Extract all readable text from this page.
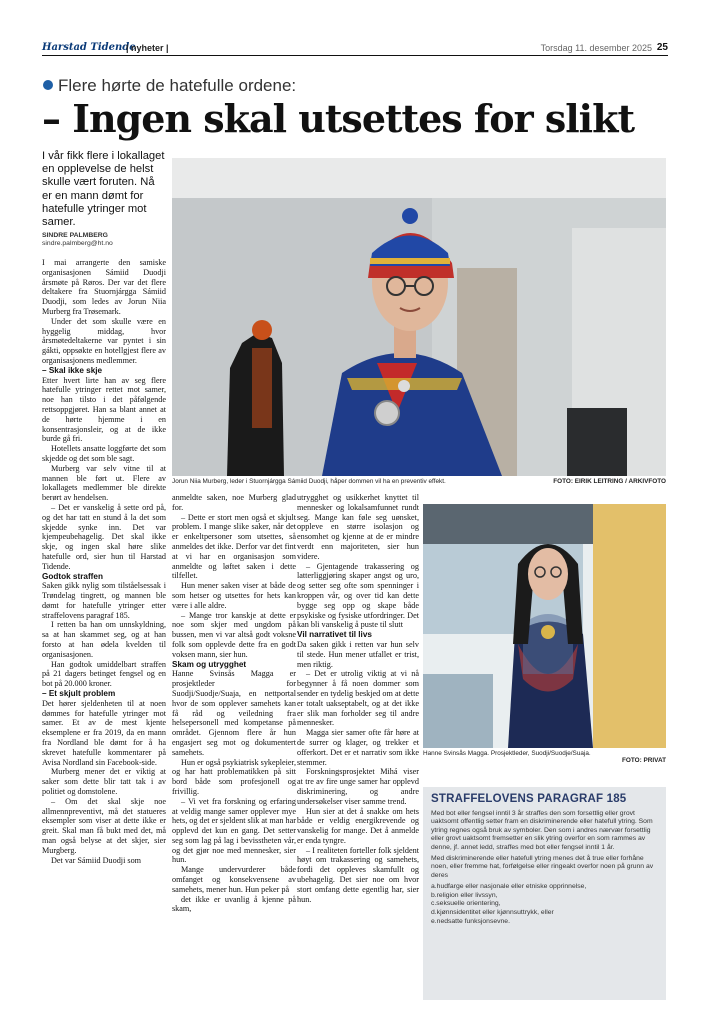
Harstad Tidende
| nyheter |	Torsdag 11. desember 2025 25
Flere hørte de hatefulle ordene:
– Ingen skal utsettes for slikt
I vår fikk flere i lokallaget en opplevelse de helst skulle vært foruten. Nå er en mann dømt for hatefulle ytringer mot samer.
SINDRE PALMBERG
sindre.palmberg@ht.no
Jorun Niia Murberg, leder i Stuornjárgga Sámiid Duodji, håper dommen vil ha en preventiv effekt.	FOTO: EIRIK LEITRING / ARKIVFOTO
Hanne Svinsås Magga. Prosjektleder, Suodji/Suodje/Suaja.
FOTO: PRIVAT

I mai arrangerte den samiske organisasjonen Sámiid Duodji årsmøte på Røros. Der var det flere deltakere fra Stuornjárgga Sámiid Duodji, som ledes av Jorun Niia Murberg fra Trøsemark.

Under det som skulle være en hyggelig middag, hvor årsmøtedeltakerne var pyntet i sin gákti, oppsøkte en hotellgjest flere av organisasjonens medlemmer.

– Skal ikke skje

Etter hvert lirte han av seg flere hatefulle ytringer rettet mot samer, noe han tilsto i det påfølgende rettsoppgjøret. Han sa blant annet at de hørte hjemme i en konsentrasjonsleir, og at de ikke burde gå fri.

Hotellets ansatte loggførte det som skjedde og det som ble sagt.

Murberg var selv vitne til at mannen ble ført ut. Flere av lokallagets medlemmer ble direkte berørt av hendelsen.

– Det er vanskelig å sette ord på, og det har tatt en stund å la det som skjedde synke inn. Det var kjempeubehagelig. Det skal ikke skje, og ingen skal høre slike hatefulle ord, sier hun til Harstad Tidende.

Godtok straffen

Saken gikk nylig som tilståelsessak i Trøndelag tingrett, og mannen ble dømt for hatefulle ytringer etter straffelovens paragraf 185.

I retten ba han om unnskyldning, sa at han skammet seg, og at han forsto at han ødela kvelden til organisasjonen.

Han godtok umiddelbart straffen på 21 dagers betinget fengsel og en bot på 20.000 kroner.

– Et skjult problem

Det hører sjeldenheten til at noen dømmes for hatefulle ytringer mot samer. Et av de mest kjente eksemplene er fra 2019, da en mann fra Nordland ble dømt for å ha skrevet hatefulle kommentarer på Avisa Nordland sin Facebook-side.

Murberg mener det er viktig at saker som dette blir tatt tak i av politiet og domstolene.

– Om det skal skje noe allmennpreventivt, må det statueres eksempler som viser at dette ikke er greit. Skal man få bukt med det, må man også belyse at det skjer, sier Murgberg.

Det var Sámiid Duodji som

anmeldte saken, noe Murberg glad for.

– Dette er stort men også et skjult problem. I mange slike saker, når det er enkeltpersoner som utsettes, så anmeldes det ikke. Derfor var det fint at vi har en organisasjon som anmeldte og løftet saken i dette tilfellet.

Hun mener saken viser at både de som hetser og utsettes for hets kan være i alle aldre.

– Mange tror kanskje at dette er noe som skjer med ungdom på bussen, men vi var altså godt voksne folk som opplevde dette fra en godt voksen mann, sier hun.

Skam og utrygghet

Hanne Svinsås Magga er prosjektleder for Suodji/Suodje/Suaja, en nettportal hvor de som opplever samehets kan få råd og veiledning fra helsepersonell med kompetanse på området. Gjennom flere år hun engasjert seg mot og dokumentert samehets.

Hun er også psykiatrisk sykepleier, og har hatt problematikken på sitt bord både som profesjonell og frivillig.

– Vi vet fra forskning og erfaring at veldig mange samer opplever mye hets, og det er sjeldent slik at man har opplevd det kun en gang. Det setter seg som lag på lag i bevisstheten vår, og det gjør noe med mennesker, sier hun.

Mange undervurderer både omfanget og konsekvensene av samehets, mener hun. Hun peker på

det ikke er uvanlig å kjenne på skam,

utrygghet og usikkerhet knyttet til mennesker og lokalsamfunnet rundt seg. Mange kan føle seg uønsket, oppleve en større isolasjon og ensomhet og kjenne at de er mindre verdt enn majoriteten, sier hun videre.

– Gjentagende trakassering og latterliggjøring skaper angst og uro, og setter seg ofte som spenninger i kroppen vår, og over tid kan dette bygge seg opp og skape både psykiske og fysiske utfordringer. Det kan bli vanskelig å puste til slutt

Vil narrativet til livs

Da saken gikk i retten var hun selv til stede. Hun mener utfallet er trist, men riktig.

– Det er utrolig viktig at vi nå begynner å få noen dommer som sender en tydelig beskjed om at dette er totalt uakseptabelt, og at det ikke er slik man forholder seg til andre mennesker.

Magga sier samer ofte får høre at de surrer og klager, og trekker et offerkort. Det er et narrativ som ikke stemmer.

Forskningsprosjektet Mihá viser at tre av fire unge samer har opplevd diskriminering, og andre undersøkelser viser samme trend.

Hun sier at det å snakke om hets både er veldig energikrevende og vanskelig for mange. Det å anmelde er enda tyngre.

– I realiteten forteller folk sjeldent høyt om trakassering og samehets, fordi det oppleves skamfullt og ubehagelig. Det sier noe om hvor stort omfang dette egentlig har, sier hun.

STRAFFELOVENS PARAGRAF 185

Med bot eller fengsel inntil 3 år straffes den som forsettlig eller grovt uaktsomt offentlig setter fram en diskriminerende eller hatefull ytring. Som ytring regnes også bruk av symboler. Den som i andres nærvær forsettlig eller grovt uaktsomt fremsetter en slik ytring overfor en som rammes av denne, jf. annet ledd, straffes med bot eller fengsel inntil 1 år.

Med diskriminerende eller hatefull ytring menes det å true eller forhåne noen, eller fremme hat, forfølgelse eller ringeakt overfor noen på grunn av deres

a.hudfarge eller nasjonale eller etniske opprinnelse,
b.religion eller livssyn,
c.seksuelle orientering,
d.kjønnsidentitet eller kjønnsuttrykk, eller
e.nedsatte funksjonsevne.
